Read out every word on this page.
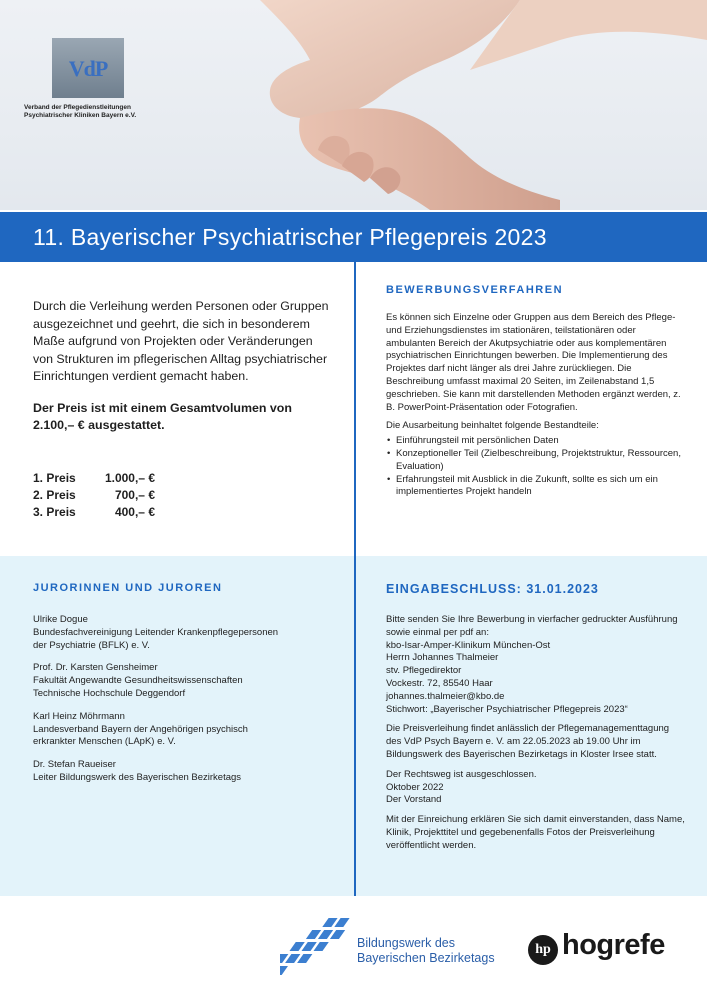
VdP
Verband der Pflegedienstleitungen
Psychiatrischer Kliniken Bayern e.V.
11. Bayerischer Psychiatrischer Pflegepreis 2023

Durch die Verleihung werden Personen oder Gruppen ausgezeichnet und geehrt, die sich in besonderem Maße aufgrund von Projekten oder Veränderungen von Strukturen im pflegerischen Alltag psychiatrischer Einrichtungen verdient gemacht haben.

Der Preis ist mit einem Gesamtvolumen von 2.100,– € ausgestattet.

1. Preis	1.000,– €
2. Preis	700,– €
3. Preis	400,– €

BEWERBUNGSVERFAHREN

Es können sich Einzelne oder Gruppen aus dem Bereich des Pflege- und Erziehungsdienstes im stationären, teilstationären oder ambulanten Bereich der Akutpsychiatrie oder aus komplementären psychiatrischen Einrichtungen bewerben. Die Implementierung des Projektes darf nicht länger als drei Jahre zurückliegen. Die Beschreibung umfasst maximal 20 Seiten, im Zeilenabstand 1,5 geschrieben. Sie kann mit darstellenden Methoden ergänzt werden, z. B. PowerPoint-Präsentation oder Fotografien.

Die Ausarbeitung beinhaltet folgende Bestandteile:

• Einführungsteil mit persönlichen Daten
• Konzeptioneller Teil (Zielbeschreibung, Projektstruktur, Ressourcen, Evaluation)
• Erfahrungsteil mit Ausblick in die Zukunft, sollte es sich um ein implementiertes Projekt handeln

JURORINNEN UND JUROREN

Ulrike Dogue
Bundesfachvereinigung Leitender Krankenpflegepersonen
der Psychiatrie (BFLK) e. V.
Prof. Dr. Karsten Gensheimer
Fakultät Angewandte Gesundheitswissenschaften
Technische Hochschule Deggendorf
Karl Heinz Möhrmann
Landesverband Bayern der Angehörigen psychisch
erkrankter Menschen (LApK) e. V.
Dr. Stefan Raueiser
Leiter Bildungswerk des Bayerischen Bezirketags

EINGABESCHLUSS: 31.01.2023

Bitte senden Sie Ihre Bewerbung in vierfacher gedruckter Ausführung sowie einmal per pdf an:
kbo-Isar-Amper-Klinikum München-Ost
Herrn Johannes Thalmeier
stv. Pflegedirektor
Vockestr. 72, 85540 Haar
johannes.thalmeier@kbo.de
Stichwort: „Bayerischer Psychiatrischer Pflegepreis 2023“
Die Preisverleihung findet anlässlich der Pflegemanagementtagung des VdP Psych Bayern e. V. am 22.05.2023 ab 19.00 Uhr im Bildungswerk des Bayerischen Bezirketags in Kloster Irsee statt.
Der Rechtsweg ist ausgeschlossen.
Oktober 2022
Der Vorstand
Mit der Einreichung erklären Sie sich damit einverstanden, dass Name, Klinik, Projekttitel und gegebenenfalls Fotos der Preisverleihung veröffentlicht werden.
Bildungswerk des
Bayerischen Bezirketags
hp hogrefe
